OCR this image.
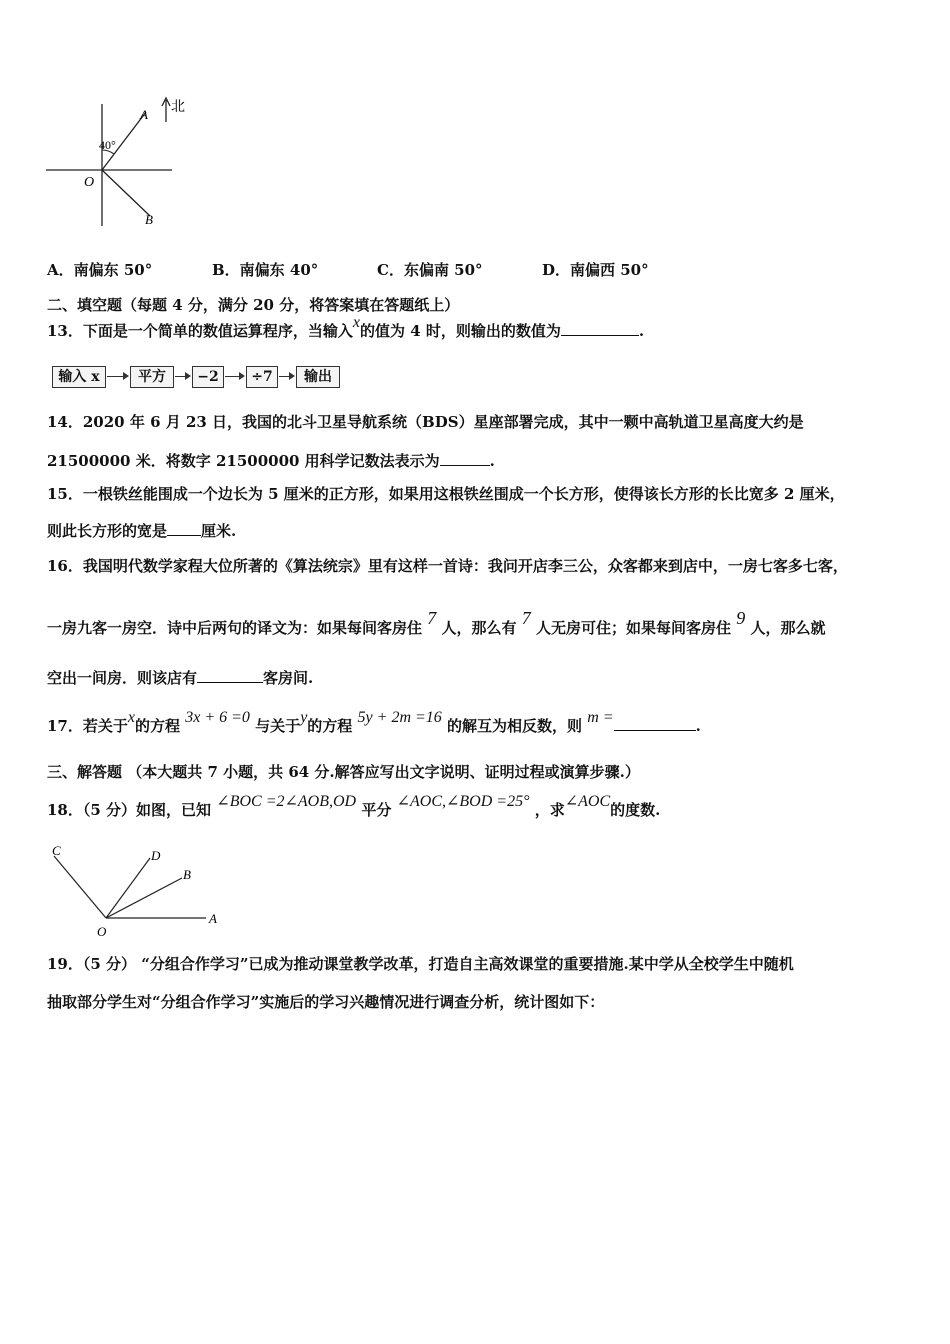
北
A
40°
O
B
A．南偏东 50°	B．南偏东 40°	C．东偏南 50°	D．南偏西 50°
二、填空题（每题 4 分，满分 20 分，将答案填在答题纸上）
13．下面是一个简单的数值运算程序，当输入x的值为 4 时，则输出的数值为	.
输入 x	平方	−2	÷7	输出
14．2020 年 6 月 23 日，我国的北斗卫星导航系统（BDS）星座部署完成，其中一颗中高轨道卫星高度大约是
21500000 米．将数字 21500000 用科学记数法表示为	.
15．一根铁丝能围成一个边长为 5 厘米的正方形，如果用这根铁丝围成一个长方形，使得该长方形的长比宽多 2 厘米，
则此长方形的宽是 厘米.
16．我国明代数学家程大位所著的《算法统宗》里有这样一首诗：我问开店李三公，众客都来到店中，一房七客多七客，
一房九客一房空．诗中后两句的译文为：如果每间客房住 7 人，那么有 7 人无房可住；如果每间客房住 9 人，那么就
空出一间房．则该店有	客房间.
17．若关于x的方程 3x + 6 =0 与关于y的方程 5y + 2m =16 的解互为相反数，则 m =	.
三、解答题 （本大题共 7 小题，共 64 分.解答应写出文字说明、证明过程或演算步骤.）
18．（5 分）如图，已知 ∠BOC =2∠AOB,OD 平分 ∠AOC,∠BOD =25° ，求∠AOC的度数.
C	D
B
A
O
19．（5 分） “分组合作学习”已成为推动课堂教学改革，打造自主高效课堂的重要措施.某中学从全校学生中随机
抽取部分学生对“分组合作学习”实施后的学习兴趣情况进行调查分析，统计图如下：
